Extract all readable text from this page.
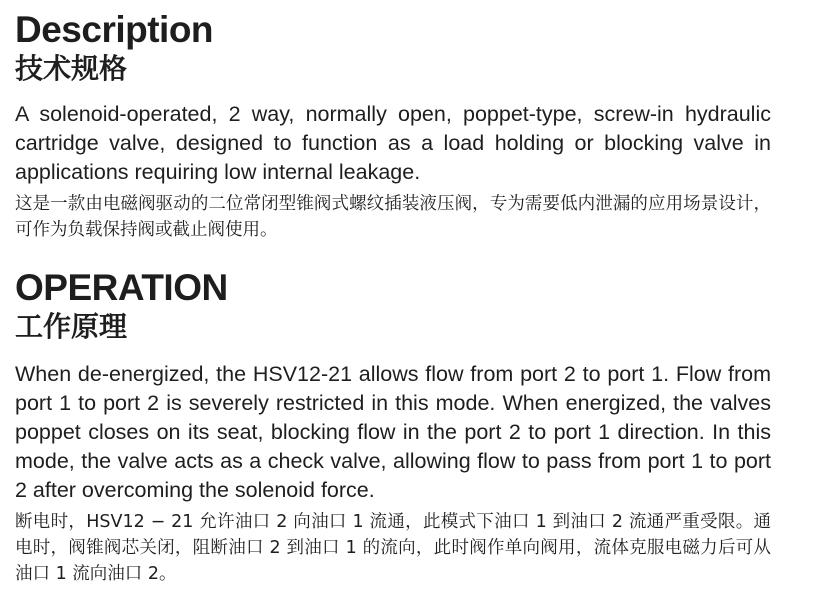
Description
技术规格

A solenoid-operated, 2 way, normally open, poppet-type, screw-in hydraulic cartridge valve, designed to function as a load holding or blocking valve in applications requiring low internal leakage.

这是一款由电磁阀驱动的二位常闭型锥阀式螺纹插装液压阀，专为需要低内泄漏的应用场景设计，可作为负载保持阀或截止阀使用。

OPERATION
工作原理

When de-energized, the HSV12-21 allows flow from port 2 to port 1. Flow from port 1 to port 2 is severely restricted in this mode. When energized, the valves poppet closes on its seat, blocking flow in the port 2 to port 1 direction. In this mode, the valve acts as a check valve, allowing flow to pass from port 1 to port 2 after overcoming the solenoid force.

断电时，HSV12 − 21 允许油口 2 向油口 1 流通，此模式下油口 1 到油口 2 流通严重受限。通电时，阀锥阀芯关闭，阻断油口 2 到油口 1 的流向，此时阀作单向阀用，流体克服电磁力后可从油口 1 流向油口 2。
